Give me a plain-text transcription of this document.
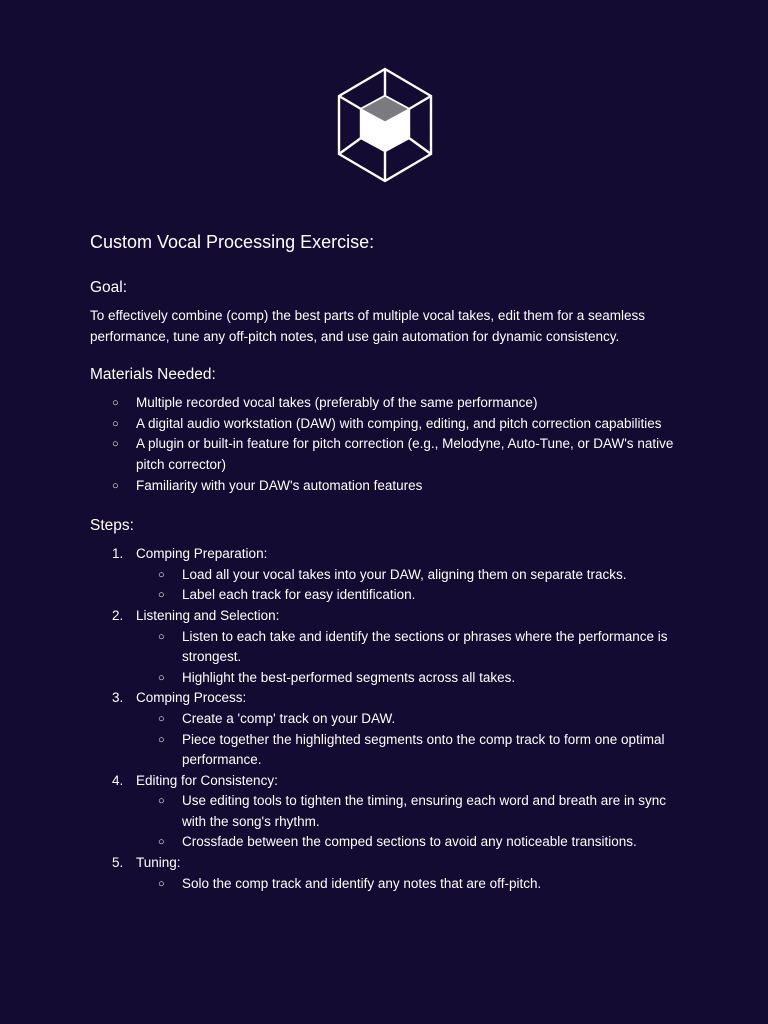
Custom Vocal Processing Exercise:
Goal:

To effectively combine (comp) the best parts of multiple vocal takes, edit them for a seamless performance, tune any off-pitch notes, and use gain automation for dynamic consistency.

Materials Needed:
○ Multiple recorded vocal takes (preferably of the same performance)
○ A digital audio workstation (DAW) with comping, editing, and pitch correction capabilities
○ A plugin or built-in feature for pitch correction (e.g., Melodyne, Auto-Tune, or DAW's native pitch corrector)
○ Familiarity with your DAW's automation features
Steps:
1. Comping Preparation:
○ Load all your vocal takes into your DAW, aligning them on separate tracks.
○ Label each track for easy identification.
2. Listening and Selection:
○ Listen to each take and identify the sections or phrases where the performance is strongest.
○ Highlight the best-performed segments across all takes.
3. Comping Process:
○ Create a 'comp' track on your DAW.
○ Piece together the highlighted segments onto the comp track to form one optimal performance.
4. Editing for Consistency:
○ Use editing tools to tighten the timing, ensuring each word and breath are in sync with the song's rhythm.
○ Crossfade between the comped sections to avoid any noticeable transitions.
5. Tuning:
○ Solo the comp track and identify any notes that are off-pitch.
